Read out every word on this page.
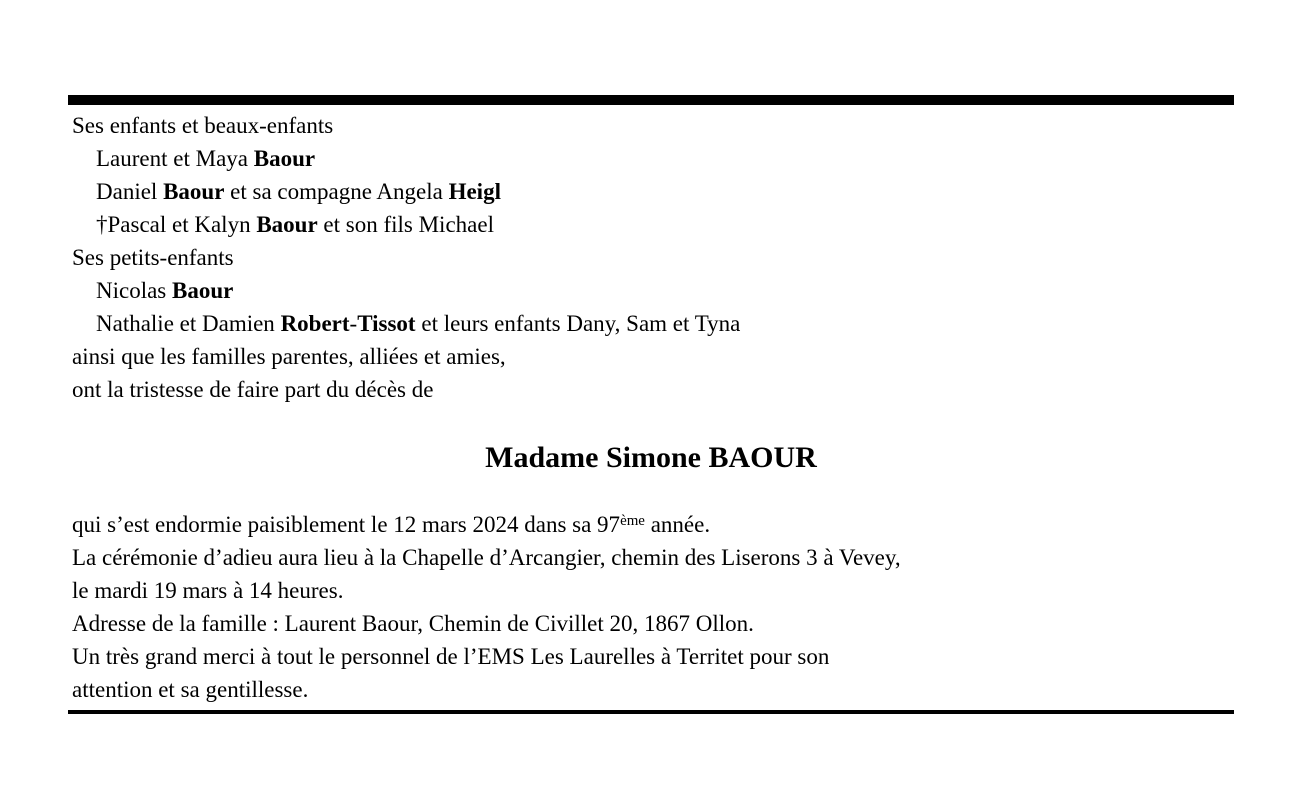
Ses enfants et beaux-enfants

Laurent et Maya Baour

Daniel Baour et sa compagne Angela Heigl

†Pascal et Kalyn Baour et son fils Michael

Ses petits-enfants

Nicolas Baour

Nathalie et Damien Robert-Tissot et leurs enfants Dany, Sam et Tyna

ainsi que les familles parentes, alliées et amies,

ont la tristesse de faire part du décès de

Madame Simone BAOUR

qui s’est endormie paisiblement le 12 mars 2024 dans sa 97ème année.

La cérémonie d’adieu aura lieu à la Chapelle d’Arcangier, chemin des Liserons 3 à Vevey,

le mardi 19 mars à 14 heures.

Adresse de la famille : Laurent Baour, Chemin de Civillet 20, 1867 Ollon.

Un très grand merci à tout le personnel de l’EMS Les Laurelles à Territet pour son

attention et sa gentillesse.
